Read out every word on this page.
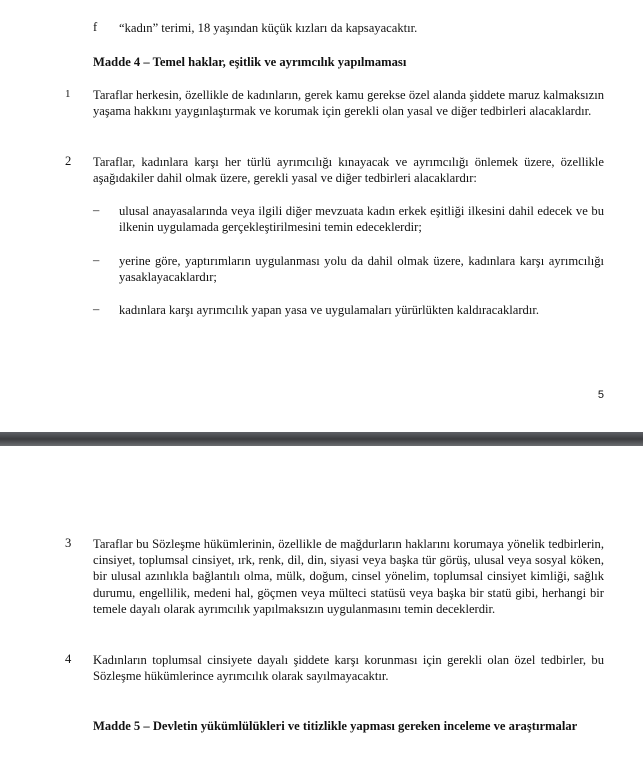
f “kadın” terimi, 18 yaşından küçük kızları da kapsayacaktır.
Madde 4 – Temel haklar, eşitlik ve ayrımcılık yapılmaması
1 Taraflar herkesin, özellikle de kadınların, gerek kamu gerekse özel alanda şiddete maruz kalmaksızın yaşama hakkını yaygınlaştırmak ve korumak için gerekli olan yasal ve diğer tedbirleri alacaklardır.
2 Taraflar, kadınlara karşı her türlü ayrımcılığı kınayacak ve ayrımcılığı önlemek üzere, özellikle aşağıdakiler dahil olmak üzere, gerekli yasal ve diğer tedbirleri alacaklardır:
– ulusal anayasalarında veya ilgili diğer mevzuata kadın erkek eşitliği ilkesini dahil edecek ve bu ilkenin uygulamada gerçekleştirilmesini temin edeceklerdir;
– yerine göre, yaptırımların uygulanması yolu da dahil olmak üzere, kadınlara karşı ayrımcılığı yasaklayacaklardır;
– kadınlara karşı ayrımcılık yapan yasa ve uygulamaları yürürlükten kaldıracaklardır.
5
3 Taraflar bu Sözleşme hükümlerinin, özellikle de mağdurların haklarını korumaya yönelik tedbirlerin, cinsiyet, toplumsal cinsiyet, ırk, renk, dil, din, siyasi veya başka tür görüş, ulusal veya sosyal köken, bir ulusal azınlıkla bağlantılı olma, mülk, doğum, cinsel yönelim, toplumsal cinsiyet kimliği, sağlık durumu, engellilik, medeni hal, göçmen veya mülteci statüsü veya başka bir statü gibi, herhangi bir temele dayalı olarak ayrımcılık yapılmaksızın uygulanmasını temin deceklerdir.
4 Kadınların toplumsal cinsiyete dayalı şiddete karşı korunması için gerekli olan özel tedbirler, bu Sözleşme hükümlerince ayrımcılık olarak sayılmayacaktır.
Madde 5 – Devletin yükümlülükleri ve titizlikle yapması gereken inceleme ve araştırmalar
